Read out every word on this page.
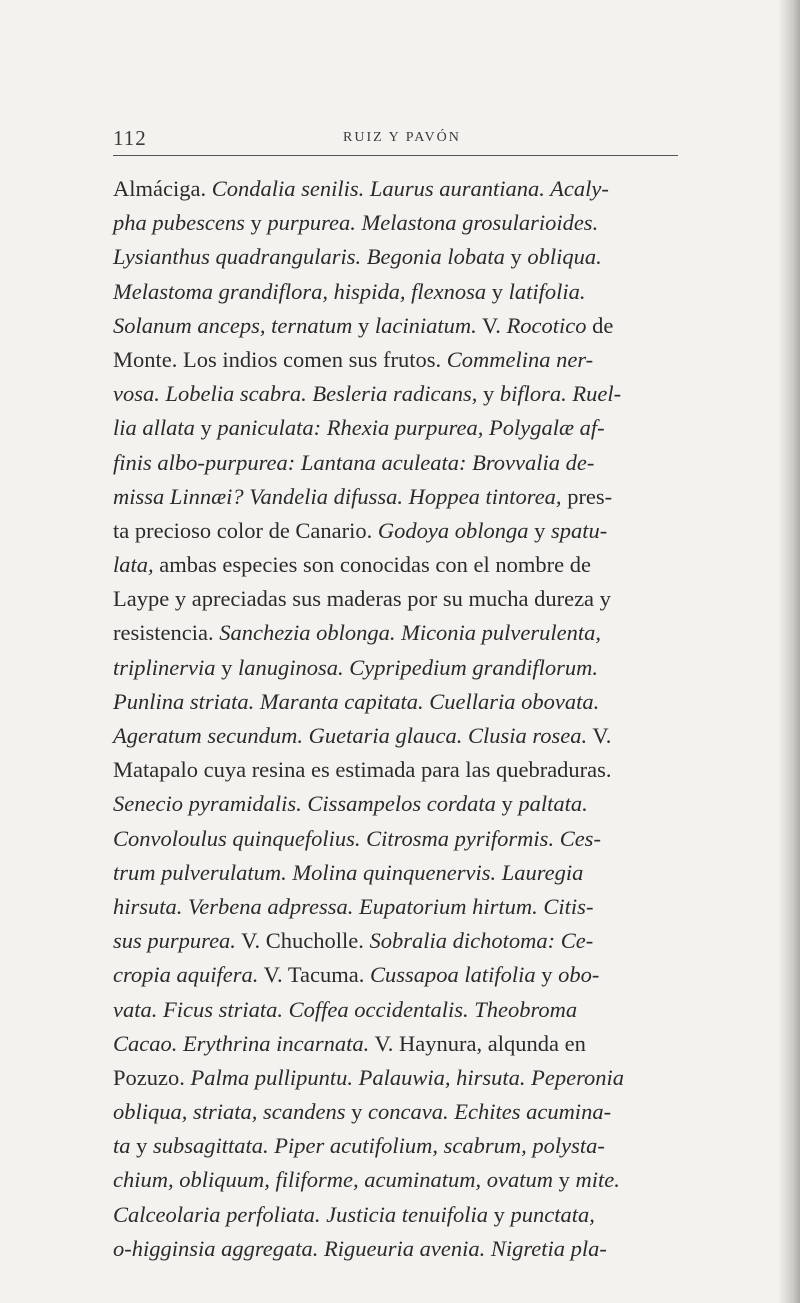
112	RUIZ Y PAVÓN
Almáciga. Condalia senilis. Laurus aurantiana. Acaly-
pha pubescens y purpurea. Melastona grosularioides.
Lysianthus quadrangularis. Begonia lobata y obliqua.
Melastoma grandiflora, hispida, flexnosa y latifolia.
Solanum anceps, ternatum y laciniatum. V. Rocotico de
Monte. Los indios comen sus frutos. Commelina ner-
vosa. Lobelia scabra. Besleria radicans, y biflora. Ruel-
lia allata y paniculata: Rhexia purpurea, Polygalæ af-
finis albo-purpurea: Lantana aculeata: Brovvalia de-
missa Linnæi? Vandelia difussa. Hoppea tintorea, pres-
ta precioso color de Canario. Godoya oblonga y spatu-
lata, ambas especies son conocidas con el nombre de
Laype y apreciadas sus maderas por su mucha dureza y
resistencia. Sanchezia oblonga. Miconia pulverulenta,
triplinervia y lanuginosa. Cypripedium grandiflorum.
Punlina striata. Maranta capitata. Cuellaria obovata.
Ageratum secundum. Guetaria glauca. Clusia rosea. V.
Matapalo cuya resina es estimada para las quebraduras.
Senecio pyramidalis. Cissampelos cordata y paltata.
Convoloulus quinquefolius. Citrosma pyriformis. Ces-
trum pulverulatum. Molina quinquenervis. Lauregia
hirsuta. Verbena adpressa. Eupatorium hirtum. Citis-
sus purpurea. V. Chucholle. Sobralia dichotoma: Ce-
cropia aquifera. V. Tacuma. Cussapoa latifolia y obo-
vata. Ficus striata. Coffea occidentalis. Theobroma
Cacao. Erythrina incarnata. V. Haynura, alqunda en
Pozuzo. Palma pullipuntu. Palauwia, hirsuta. Peperonia
obliqua, striata, scandens y concava. Echites acumina-
ta y subsagittata. Piper acutifolium, scabrum, polysta-
chium, obliquum, filiforme, acuminatum, ovatum y mite.
Calceolaria perfoliata. Justicia tenuifolia y punctata,
o-higginsia aggregata. Rigueuria avenia. Nigretia pla-
